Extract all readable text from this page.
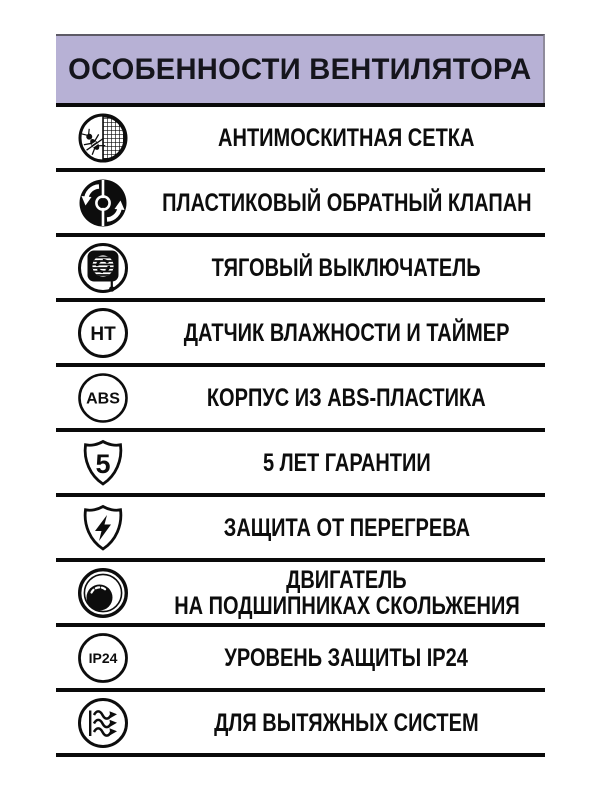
ОСОБЕННОСТИ ВЕНТИЛЯТОРА
АНТИМОСКИТНАЯ СЕТКА
ПЛАСТИКОВЫЙ ОБРАТНЫЙ КЛАПАН
ТЯГОВЫЙ ВЫКЛЮЧАТЕЛЬ
HT	ДАТЧИК ВЛАЖНОСТИ И ТАЙМЕР
ABS	КОРПУС ИЗ ABS-ПЛАСТИКА
5	5 ЛЕТ ГАРАНТИИ
ЗАЩИТА ОТ ПЕРЕГРЕВА
ДВИГАТЕЛЬ
НА ПОДШИПНИКАХ СКОЛЬЖЕНИЯ
IP24	УРОВЕНЬ ЗАЩИТЫ IP24
ДЛЯ ВЫТЯЖНЫХ СИСТЕМ
